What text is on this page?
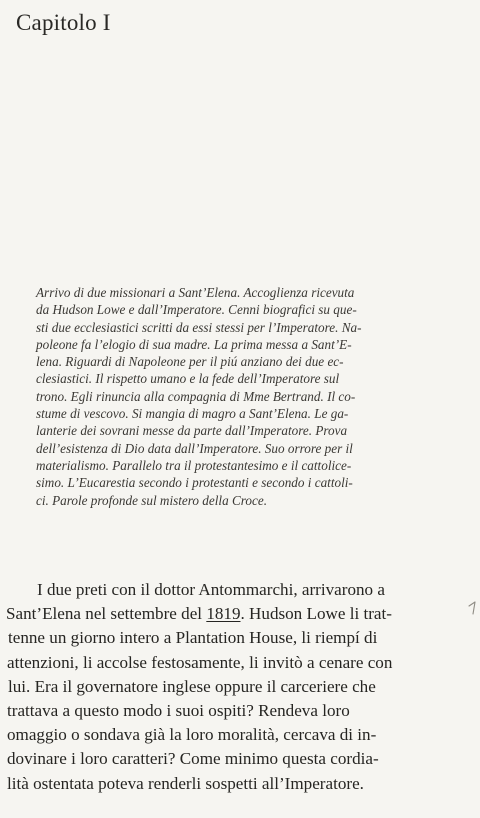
Capitolo I
Arrivo di due missionari a Sant’Elena. Accoglienza ricevuta
da Hudson Lowe e dall’Imperatore. Cenni biografici su que-
sti due ecclesiastici scritti da essi stessi per l’Imperatore. Na-
poleone fa l’elogio di sua madre. La prima messa a Sant’E-
lena. Riguardi di Napoleone per il piú anziano dei due ec-
clesiastici. Il rispetto umano e la fede dell’Imperatore sul
trono. Egli rinuncia alla compagnia di Mme Bertrand. Il co-
stume di vescovo. Si mangia di magro a Sant’Elena. Le ga-
lanterie dei sovrani messe da parte dall’Imperatore. Prova
dell’esistenza di Dio data dall’Imperatore. Suo orrore per il
materialismo. Parallelo tra il protestantesimo e il cattolice-
simo. L’Eucarestia secondo i protestanti e secondo i cattoli-
ci. Parole profonde sul mistero della Croce.
I due preti con il dottor Antommarchi, arrivarono a
Sant’Elena nel settembre del 1819. Hudson Lowe li trat-
tenne un giorno intero a Plantation House, li riempí di
attenzioni, li accolse festosamente, li invitò a cenare con
lui. Era il governatore inglese oppure il carceriere che
trattava a questo modo i suoi ospiti? Rendeva loro
omaggio o sondava già la loro moralità, cercava di in-
dovinare i loro caratteri? Come minimo questa cordia-
lità ostentata poteva renderli sospetti all’Imperatore.
